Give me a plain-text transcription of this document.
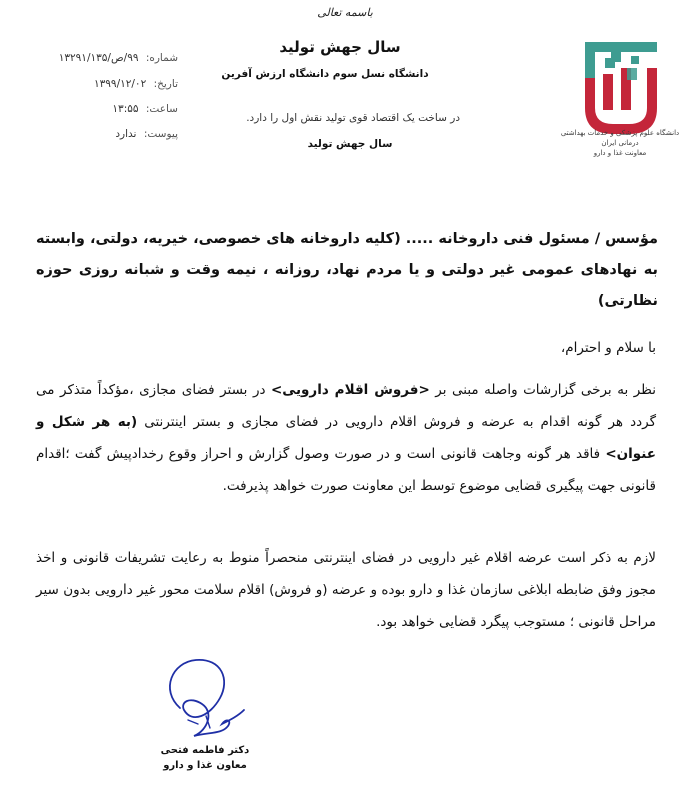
باسمه تعالی
شماره: ۹۹/ص/۱۳۲۹۱/۱۳۵
تاریخ: ۱۳۹۹/۱۲/۰۲
ساعت: ۱۳:۵۵
پیوست: ندارد
سال جهش تولید
دانشگاه نسل سوم دانشگاه ارزش آفرین
در ساخت یک اقتصاد قوی تولید نقش اول را دارد.
سال جهش تولید
دانشگاه علوم پزشکی و خدمات بهداشتی درمانی ایران
معاونت غذا و دارو
مؤسس / مسئول فنی داروخانه ..... (کلیه داروخانه های خصوصی، خیریه، دولتی، وابسته به نهادهای عمومی غیر دولتی و یا مردم نهاد، روزانه ، نیمه وقت و شبانه روزی حوزه نظارتی)
با سلام و احترام،
نظر به برخی گزارشات واصله مبنی بر <فروش اقلام دارویی> در بستر فضای مجازی ،مؤکداً متذکر می گردد هر گونه اقدام به عرضه و فروش اقلام دارویی در فضای مجازی و بستر اینترنتی (به هر شکل و عنوان> فاقد هر گونه وجاهت قانونی است و در صورت وصول گزارش و احراز وقوع رخدادپیش گفت ؛اقدام قانونی جهت پیگیری قضایی موضوع توسط این معاونت صورت خواهد پذیرفت.
لازم به ذکر است عرضه اقلام غیر دارویی در فضای اینترنتی منحصراً منوط به رعایت تشریفات قانونی و اخذ مجوز وفق ضابطه ابلاغی سازمان غذا و دارو بوده و عرضه (و فروش) اقلام سلامت محور غیر دارویی بدون سیر مراحل قانونی ؛ مستوجب پیگرد قضایی خواهد بود.
دکتر فاطمه فتحی
معاون غذا و دارو
